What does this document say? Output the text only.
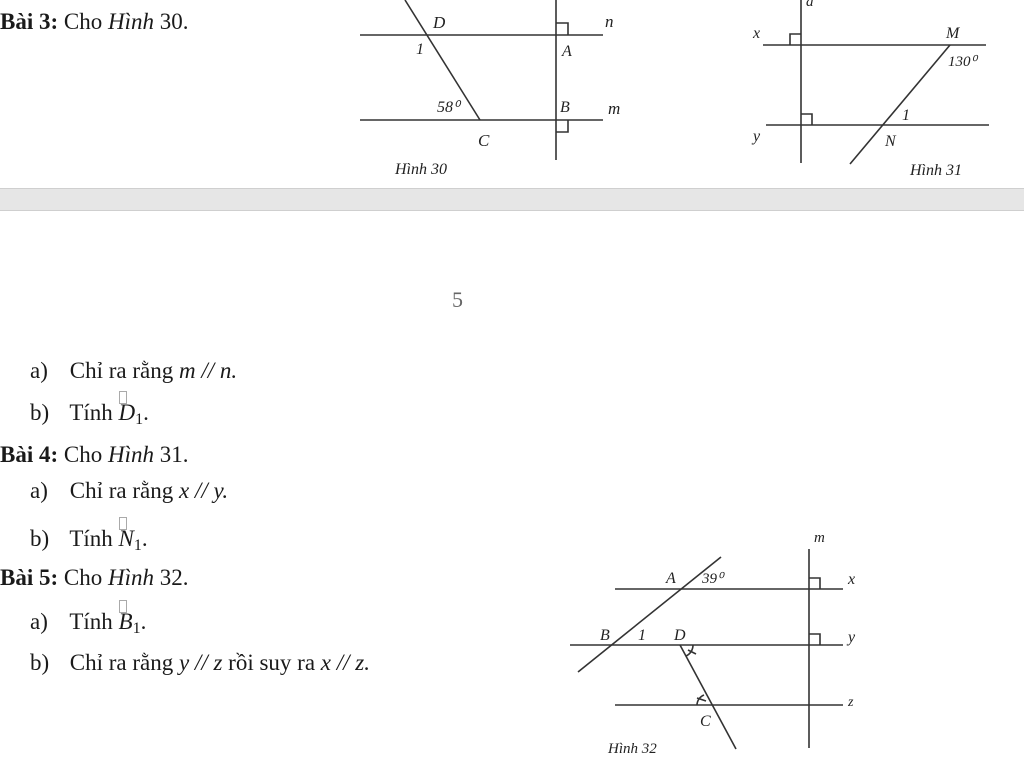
Bài 3: Cho Hình 30.	D
1	A
n
58⁰	B m
C
Hình 30
a
x	M
130⁰
1
y	N
Hình 31
5
a) Chỉ ra rằng m // n.
b) Tính $D_1$.
Bài 4: Cho Hình 31.
a) Chỉ ra rằng x // y.
b) Tính $N_1$.
Bài 5: Cho Hình 32.
a) Tính $B_1$.
b) Chỉ ra rằng y // z rồi suy ra x // z.
m
A 39⁰	x
B 1 D	y
z
C
Hình 32
